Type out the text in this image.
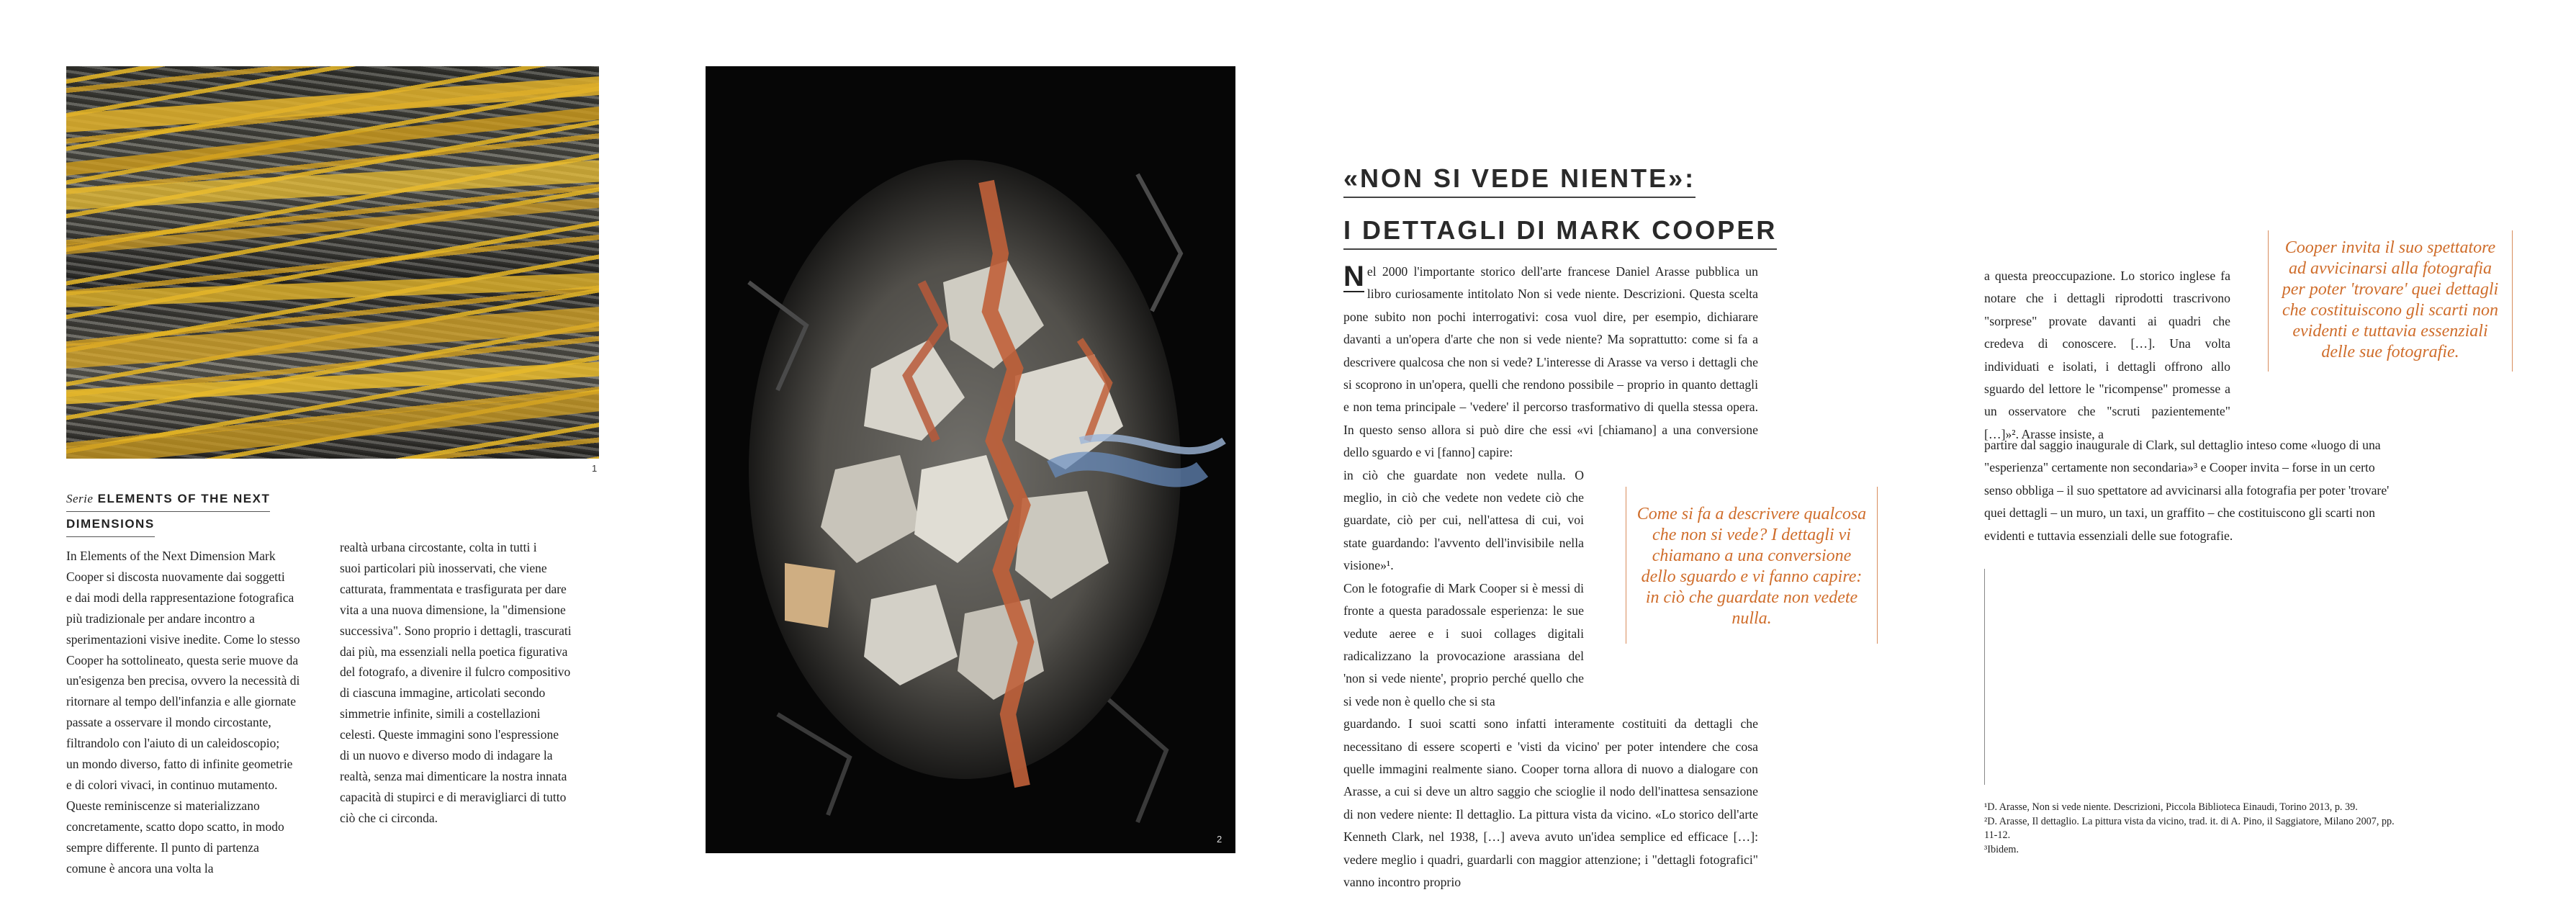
1
Serie ELEMENTS OF THE NEXT
DIMENSIONS
In Elements of the Next Dimension Mark
Cooper si discosta nuovamente dai soggetti
e dai modi della rappresentazione fotografica
più tradizionale per andare incontro a
sperimentazioni visive inedite. Come lo stesso
Cooper ha sottolineato, questa serie muove da
un'esigenza ben precisa, ovvero la necessità di
ritornare al tempo dell'infanzia e alle giornate
passate a osservare il mondo circostante,
filtrandolo con l'aiuto di un caleidoscopio;
un mondo diverso, fatto di infinite geometrie
e di colori vivaci, in continuo mutamento.
Queste reminiscenze si materializzano
concretamente, scatto dopo scatto, in modo
sempre differente. Il punto di partenza
comune è ancora una volta la
realtà urbana circostante, colta in tutti i
suoi particolari più inosservati, che viene
catturata, frammentata e trasfigurata per dare
vita a una nuova dimensione, la "dimensione
successiva". Sono proprio i dettagli, trascurati
dai più, ma essenziali nella poetica figurativa
del fotografo, a divenire il fulcro compositivo
di ciascuna immagine, articolati secondo
simmetrie infinite, simili a costellazioni
celesti. Queste immagini sono l'espressione
di un nuovo e diverso modo di indagare la
realtà, senza mai dimenticare la nostra innata
capacità di stupirci e di meravigliarci di tutto
ciò che ci circonda.
2
«NON SI VEDE NIENTE»:
I DETTAGLI DI MARK COOPER
N el 2000 l'importante storico dell'arte francese Daniel Arasse pubblica un libro curiosamente intitolato Non si vede niente. Descrizioni. Questa scelta pone subito non pochi interrogativi: cosa vuol dire, per esempio, dichiarare davanti a un'opera d'arte che non si vede niente? Ma soprattutto: come si fa a descrivere qualcosa che non si vede? L'interesse di Arasse va verso i dettagli che si scoprono in un'opera, quelli che rendono possibile – proprio in quanto dettagli e non tema principale – 'vedere' il percorso trasformativo di quella stessa opera. In questo senso allora si può dire che essi «vi [chiamano] a una conversione dello sguardo e vi [fanno] capire:
in ciò che guardate non vedete nulla. O meglio, in ciò che vedete non vedete ciò che guardate, ciò per cui, nell'attesa di cui, voi state guardando: l'avvento dell'invisibile nella visione»¹.
Con le fotografie di Mark Cooper si è messi di fronte a questa paradossale esperienza: le sue vedute aeree e i suoi collages digitali radicalizzano la provocazione arassiana del 'non si vede niente', proprio perché quello che si vede non è quello che si sta
guardando. I suoi scatti sono infatti interamente costituiti da dettagli che necessitano di essere scoperti e 'visti da vicino' per poter intendere che cosa quelle immagini realmente siano. Cooper torna allora di nuovo a dialogare con Arasse, a cui si deve un altro saggio che scioglie il nodo dell'inattesa sensazione di non vedere niente: Il dettaglio. La pittura vista da vicino. «Lo storico dell'arte Kenneth Clark, nel 1938, […] aveva avuto un'idea semplice ed efficace […]: vedere meglio i quadri, guardarli con maggior attenzione; i "dettagli fotografici" vanno incontro proprio
Come si fa a descrivere qualcosa che non si vede? I dettagli vi chiamano a una conversione dello sguardo e vi fanno capire: in ciò che guardate non vedete nulla.
Cooper invita il suo spettatore ad avvicinarsi alla fotografia per poter 'trovare' quei dettagli che costituiscono gli scarti non evidenti e tuttavia essenziali delle sue fotografie.
a questa preoccupazione. Lo storico inglese fa notare che i dettagli riprodotti trascrivono "sorprese" provate davanti ai quadri che credeva di conoscere. […]. Una volta individuati e isolati, i dettagli offrono allo sguardo del lettore le "ricompense" promesse a un osservatore che "scruti pazientemente" […]»². Arasse insiste, a
partire dal saggio inaugurale di Clark, sul dettaglio inteso come «luogo di una "esperienza" certamente non secondaria»³ e Cooper invita – forse in un certo senso obbliga – il suo spettatore ad avvicinarsi alla fotografia per poter 'trovare' quei dettagli – un muro, un taxi, un graffito – che costituiscono gli scarti non evidenti e tuttavia essenziali delle sue fotografie.
¹D. Arasse, Non si vede niente. Descrizioni, Piccola Biblioteca Einaudi, Torino 2013, p. 39.
²D. Arasse, Il dettaglio. La pittura vista da vicino, trad. it. di A. Pino, il Saggiatore, Milano 2007, pp. 11-12.
³Ibidem.
